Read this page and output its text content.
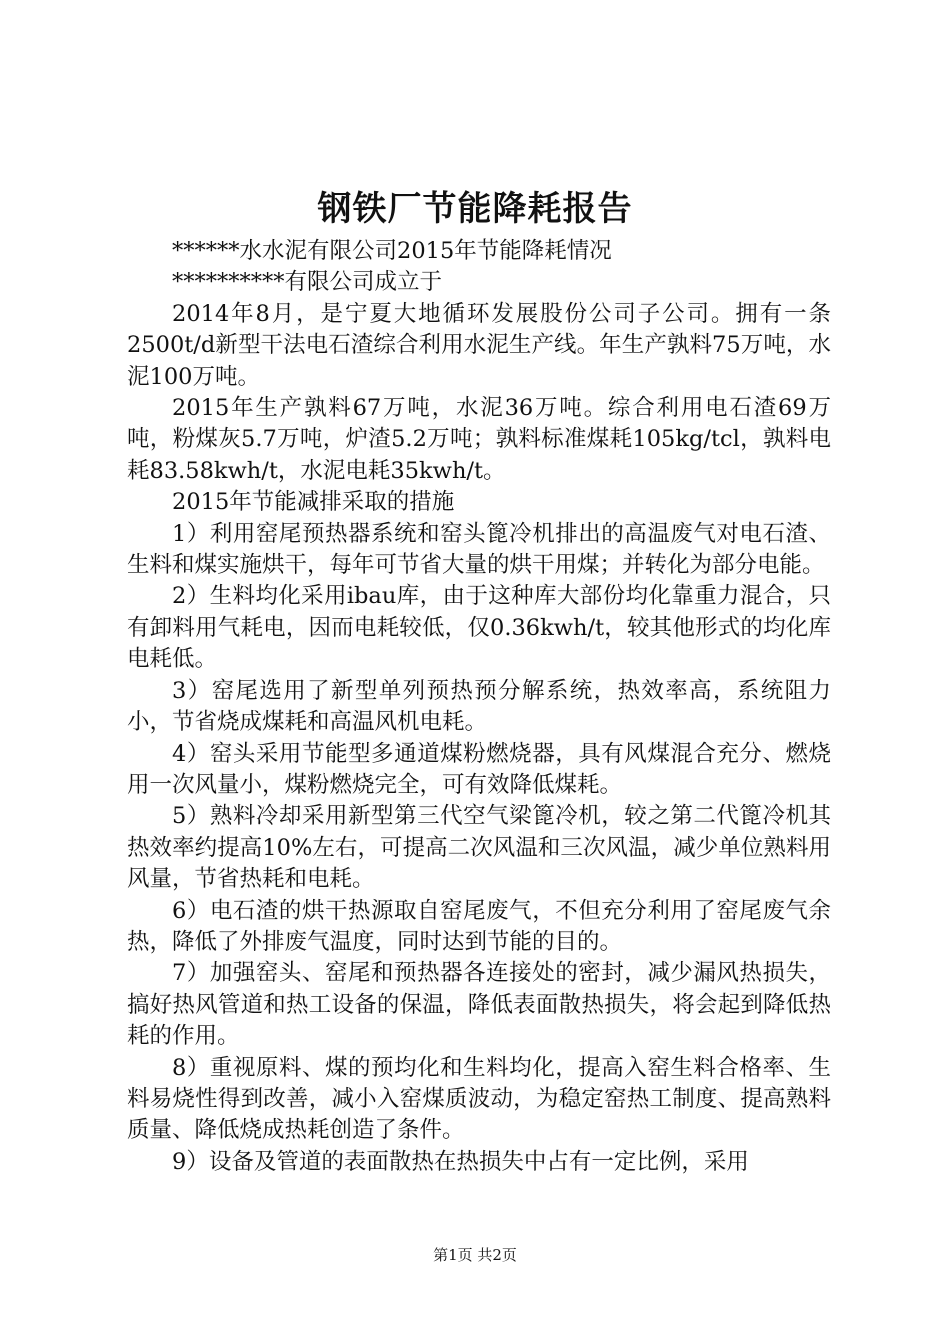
钢铁厂节能降耗报告

******水水泥有限公司2015年节能降耗情况

**********有限公司成立于

2014年8月，是宁夏大地循环发展股份公司子公司。拥有一条2500t/d新型干法电石渣综合利用水泥生产线。年生产孰料75万吨，水泥100万吨。

2015年生产孰料67万吨，水泥36万吨。综合利用电石渣69万吨，粉煤灰5.7万吨，炉渣5.2万吨；孰料标准煤耗105kg/tcl，孰料电耗83.58kwh/t，水泥电耗35kwh/t。

2015年节能减排采取的措施

1）利用窑尾预热器系统和窑头篦冷机排出的高温废气对电石渣、生料和煤实施烘干，每年可节省大量的烘干用煤；并转化为部分电能。

2）生料均化采用ibau库，由于这种库大部份均化靠重力混合，只有卸料用气耗电，因而电耗较低，仅0.36kwh/t，较其他形式的均化库电耗低。

3）窑尾选用了新型单列预热预分解系统，热效率高，系统阻力小，节省烧成煤耗和高温风机电耗。

4）窑头采用节能型多通道煤粉燃烧器，具有风煤混合充分、燃烧用一次风量小，煤粉燃烧完全，可有效降低煤耗。

5）熟料冷却采用新型第三代空气梁篦冷机，较之第二代篦冷机其热效率约提高10%左右，可提高二次风温和三次风温，减少单位熟料用风量，节省热耗和电耗。

6）电石渣的烘干热源取自窑尾废气，不但充分利用了窑尾废气余热，降低了外排废气温度，同时达到节能的目的。

7）加强窑头、窑尾和预热器各连接处的密封，减少漏风热损失，搞好热风管道和热工设备的保温，降低表面散热损失，将会起到降低热耗的作用。

8）重视原料、煤的预均化和生料均化，提高入窑生料合格率、生料易烧性得到改善，减小入窑煤质波动，为稳定窑热工制度、提高熟料质量、降低烧成热耗创造了条件。

9）设备及管道的表面散热在热损失中占有一定比例，采用

第1页 共2页
